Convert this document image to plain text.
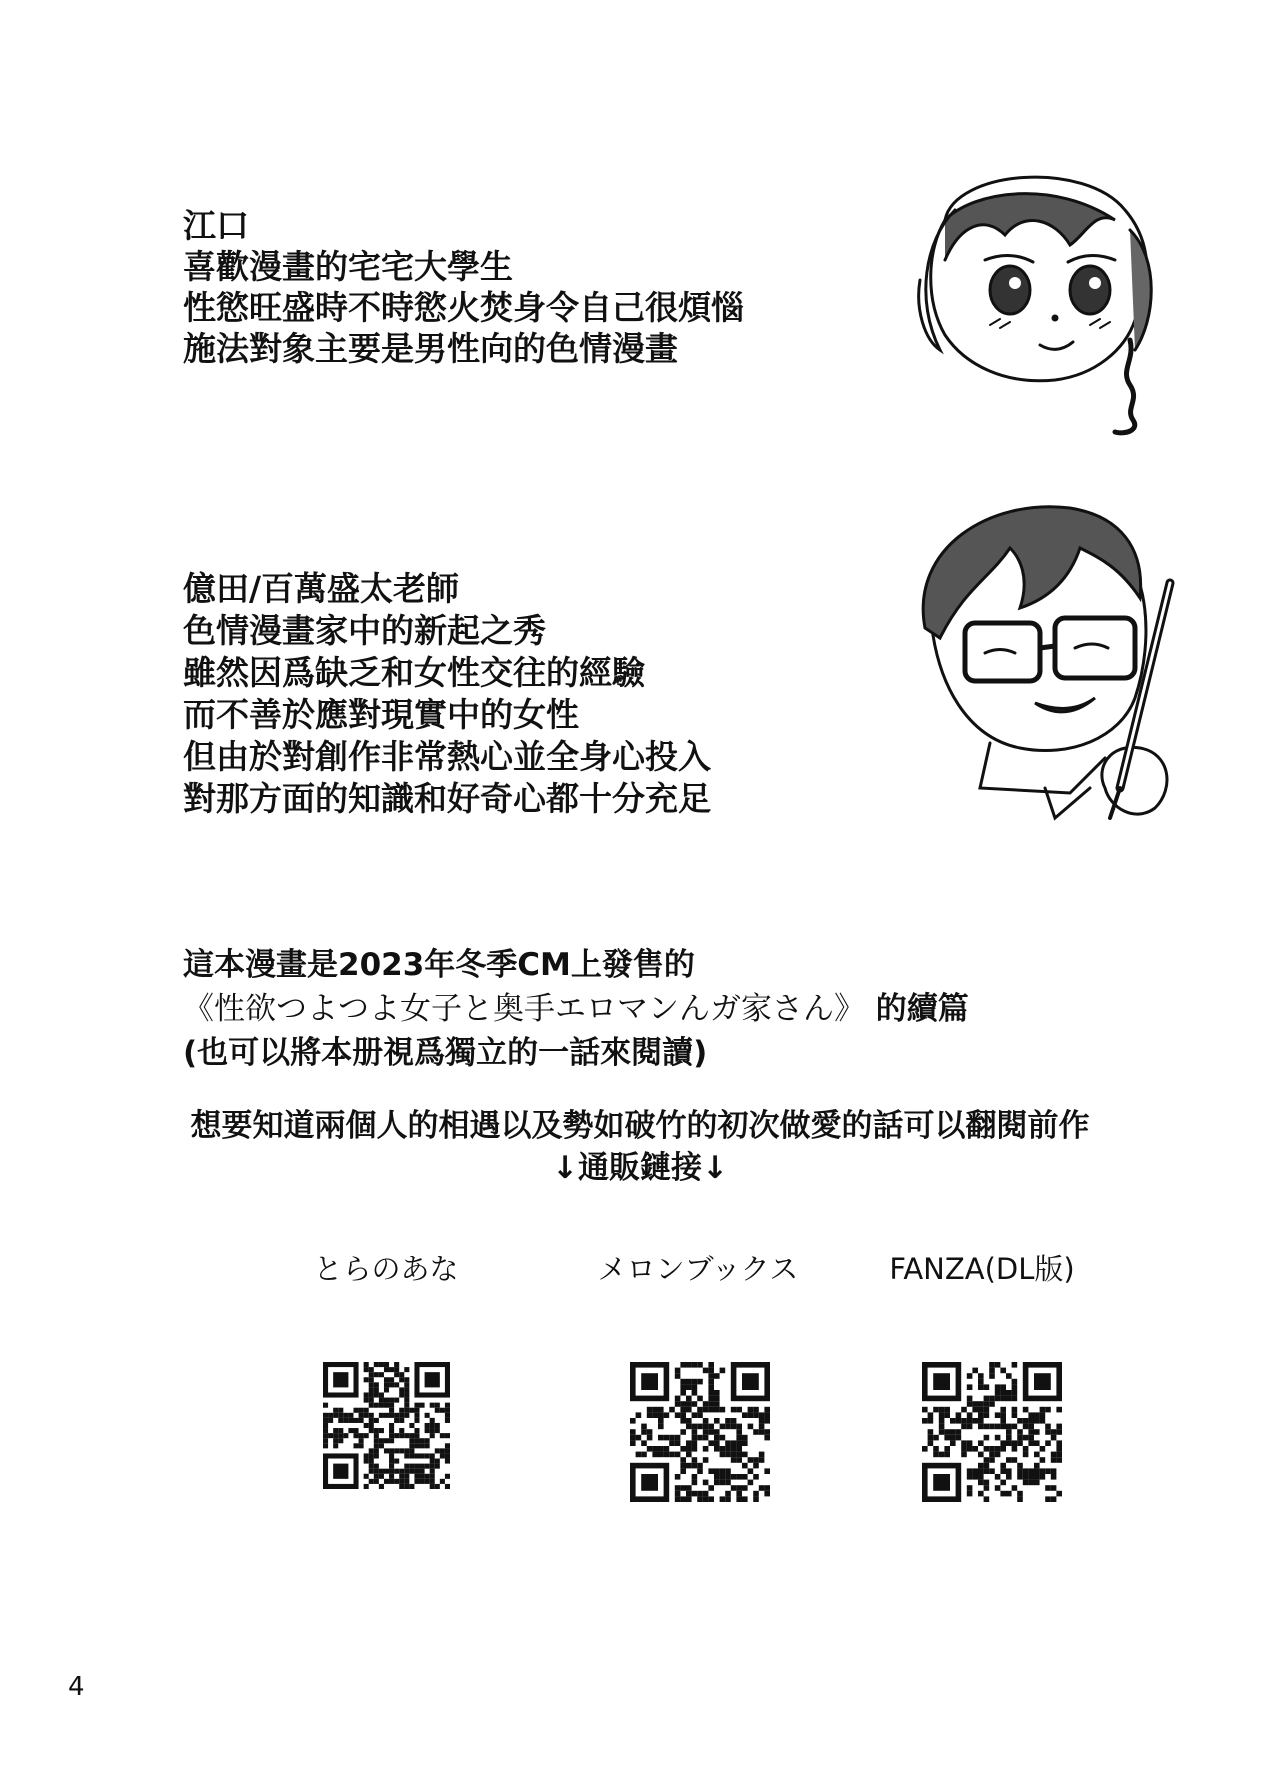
江口
喜歡漫畫的宅宅大學生
性慾旺盛時不時慾火焚身令自己很煩惱
施法對象主要是男性向的色情漫畫
億田/百萬盛太老師
色情漫畫家中的新起之秀
雖然因爲缺乏和女性交往的經驗
而不善於應對現實中的女性
但由於對創作非常熱心並全身心投入
對那方面的知識和好奇心都十分充足
這本漫畫是2023年冬季CM上發售的
《性欲つよつよ女子と奥手エロマンんガ家さん》 的續篇
(也可以將本册視爲獨立的一話來閱讀)
想要知道兩個人的相遇以及勢如破竹的初次做愛的話可以翻閱前作
↓通販鏈接↓
とらのあな	メロンブックス	FANZA(DL版)
4
